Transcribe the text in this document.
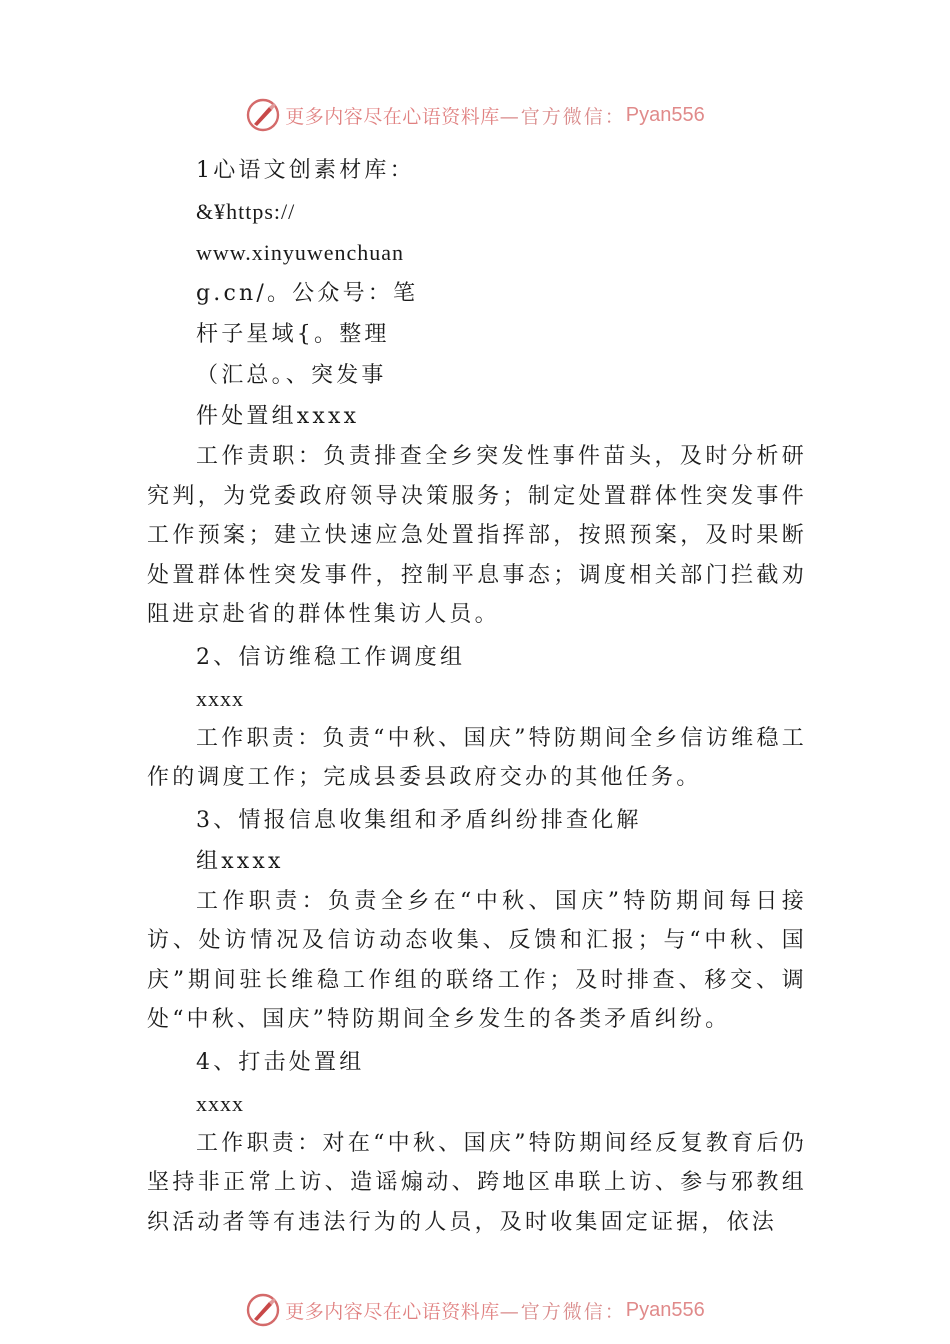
更多内容尽在心语资料库 —官方微信： Pyan556
1心语文创素材库：
&¥https://
www.xinyuwenchuan
g.cn/。公众号：笔
杆子星域{。整理
（汇总。、突发事
件处置组xxxx
工作责职：负责排查全乡突发性事件苗头，及时分析研究判，为党委政府领导决策服务；制定处置群体性突发事件工作预案；建立快速应急处置指挥部，按照预案，及时果断处置群体性突发事件，控制平息事态；调度相关部门拦截劝阻进京赴省的群体性集访人员。
2、信访维稳工作调度组
xxxx
工作职责：负责“中秋、国庆”特防期间全乡信访维稳工作的调度工作；完成县委县政府交办的其他任务。
3、情报信息收集组和矛盾纠纷排查化解
组xxxx
工作职责：负责全乡在“中秋、国庆”特防期间每日接访、处访情况及信访动态收集、反馈和汇报；与“中秋、国庆”期间驻长维稳工作组的联络工作；及时排查、移交、调处“中秋、国庆”特防期间全乡发生的各类矛盾纠纷。
4、打击处置组
xxxx
工作职责：对在“中秋、国庆”特防期间经反复教育后仍坚持非正常上访、造谣煽动、跨地区串联上访、参与邪教组织活动者等有违法行为的人员，及时收集固定证据，依法
更多内容尽在心语资料库 —官方微信： Pyan556
